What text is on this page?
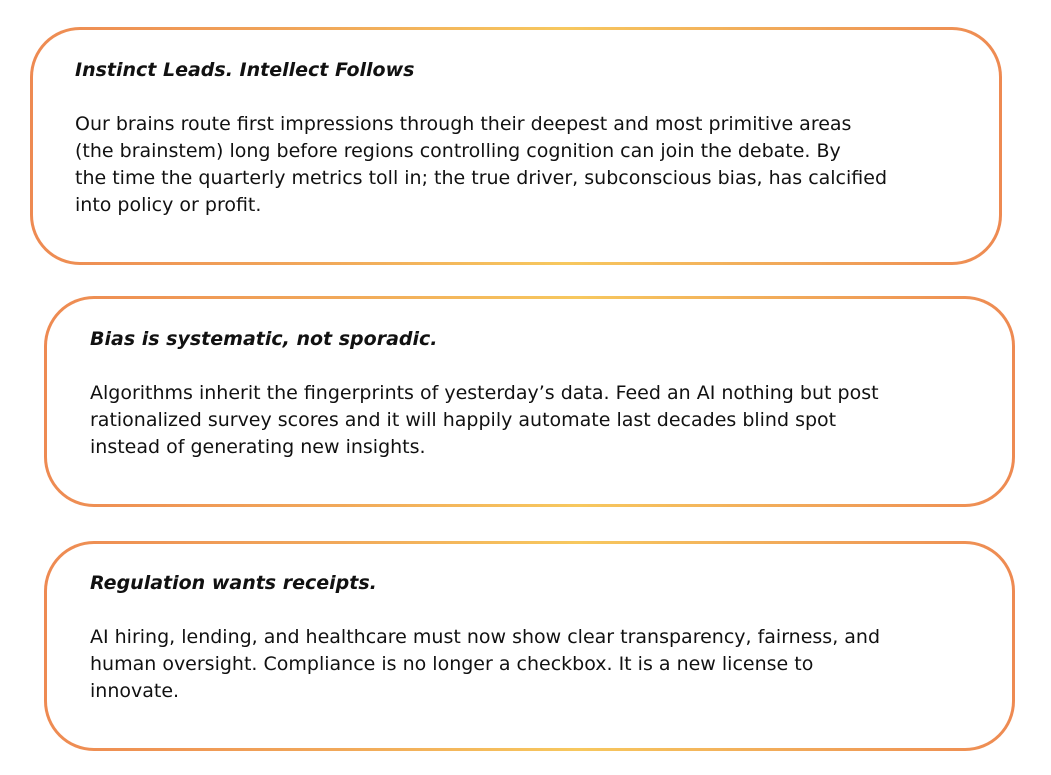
Instinct Leads. Intellect Follows

Our brains route first impressions through their deepest and most primitive areas
(the brainstem) long before regions controlling cognition can join the debate. By
the time the quarterly metrics toll in; the true driver, subconscious bias, has calcified
into policy or profit.

Bias is systematic, not sporadic.

Algorithms inherit the fingerprints of yesterday’s data. Feed an AI nothing but post
rationalized survey scores and it will happily automate last decades blind spot
instead of generating new insights.

Regulation wants receipts.

AI hiring, lending, and healthcare must now show clear transparency, fairness, and
human oversight. Compliance is no longer a checkbox. It is a new license to
innovate.
